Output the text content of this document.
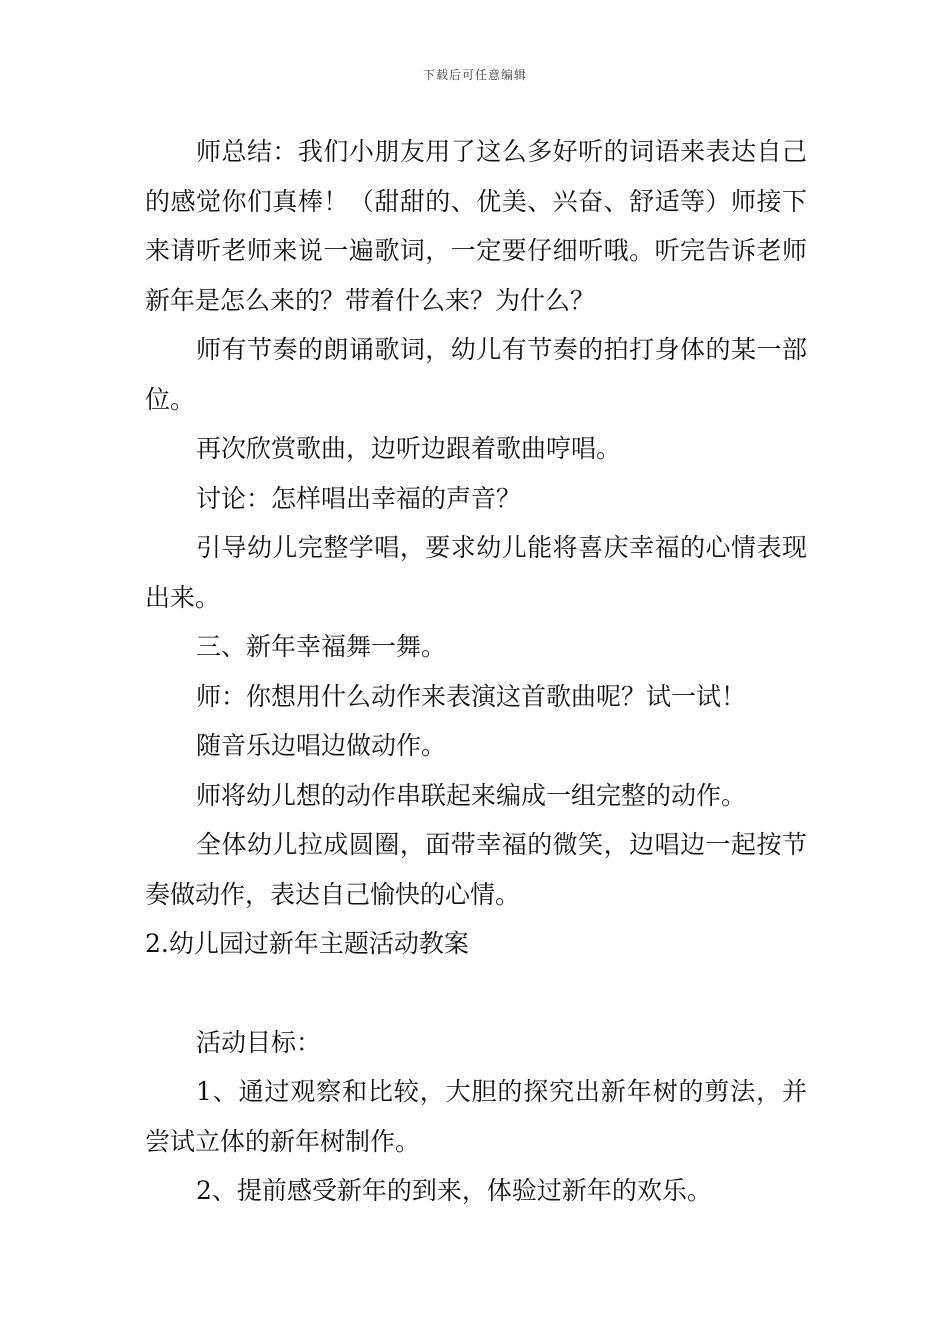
下载后可任意编辑

师总结：我们小朋友用了这么多好听的词语来表达自己的感觉你们真棒！（甜甜的、优美、兴奋、舒适等）师接下来请听老师来说一遍歌词，一定要仔细听哦。听完告诉老师新年是怎么来的？带着什么来？为什么？

师有节奏的朗诵歌词，幼儿有节奏的拍打身体的某一部位。

再次欣赏歌曲，边听边跟着歌曲哼唱。

讨论：怎样唱出幸福的声音？

引导幼儿完整学唱，要求幼儿能将喜庆幸福的心情表现出来。

三、新年幸福舞一舞。

师：你想用什么动作来表演这首歌曲呢？试一试！

随音乐边唱边做动作。

师将幼儿想的动作串联起来编成一组完整的动作。

全体幼儿拉成圆圈，面带幸福的微笑，边唱边一起按节奏做动作，表达自己愉快的心情。

2.幼儿园过新年主题活动教案

活动目标：

1、通过观察和比较，大胆的探究出新年树的剪法，并尝试立体的新年树制作。

2、提前感受新年的到来，体验过新年的欢乐。
